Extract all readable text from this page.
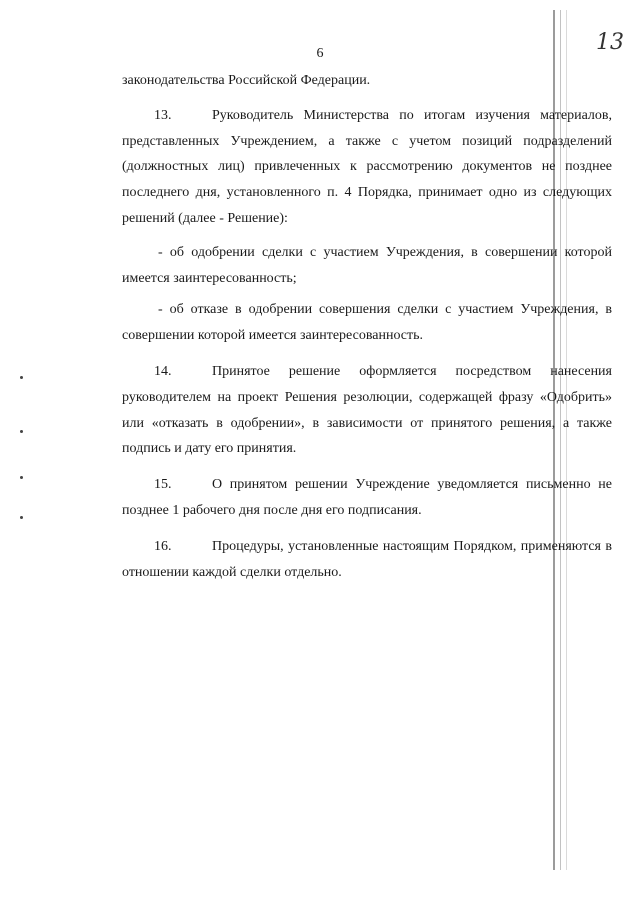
6	13

законодательства Российской Федерации.

13.	Руководитель Министерства по итогам изучения материалов, представленных Учреждением, а также с учетом позиций подразделений (должностных лиц) привлеченных к рассмотрению документов не позднее последнего дня, установленного п. 4 Порядка, принимает одно из следующих решений (далее - Решение):

- об одобрении сделки с участием Учреждения, в совершении которой имеется заинтересованность;

- об отказе в одобрении совершения сделки с участием Учреждения, в совершении которой имеется заинтересованность.

14.	Принятое решение оформляется посредством нанесения руководителем на проект Решения резолюции, содержащей фразу «Одобрить» или «отказать в одобрении», в зависимости от принятого решения, а также подпись и дату его принятия.

15.	О принятом решении Учреждение уведомляется письменно не позднее 1 рабочего дня после дня его подписания.

16.	Процедуры, установленные настоящим Порядком, применяются в отношении каждой сделки отдельно.
